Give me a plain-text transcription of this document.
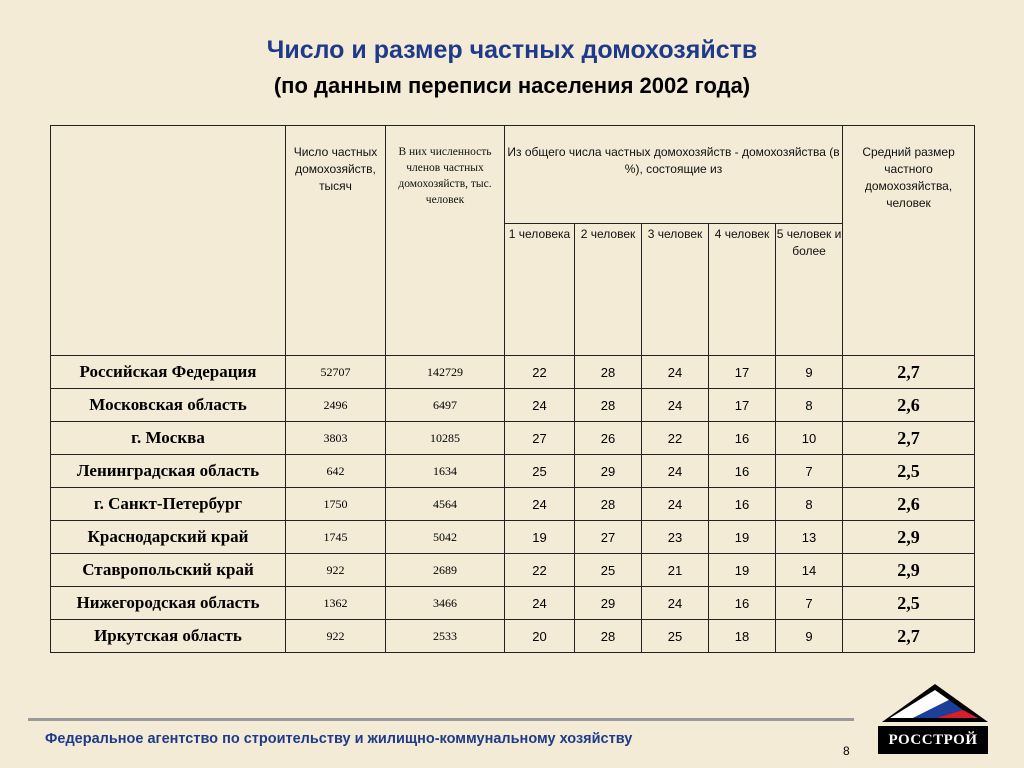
Число и размер частных домохозяйств
(по данным переписи населения 2002 года)
	Число частных домохозяйств, тысяч	В них численность членов частных домохозяйств, тыс. человек	Из общего числа частных домохозяйств - домохозяйства (в %), состоящие из					Средний размер частного домохозяйства, человек
			1 человека	2 человек	3 человек	4 человек	5 человек и более	
Российская Федерация	52707	142729	22	28	24	17	9	2,7
Московская область	2496	6497	24	28	24	17	8	2,6
г. Москва	3803	10285	27	26	22	16	10	2,7
Ленинградская область	642	1634	25	29	24	16	7	2,5
г. Санкт-Петербург	1750	4564	24	28	24	16	8	2,6
Краснодарский край	1745	5042	19	27	23	19	13	2,9
Ставропольский край	922	2689	22	25	21	19	14	2,9
Нижегородская область	1362	3466	24	29	24	16	7	2,5
Иркутская область	922	2533	20	28	25	18	9	2,7
Федеральное агентство по строительству и жилищно-коммунальному хозяйству
8
РОССТРОЙ
